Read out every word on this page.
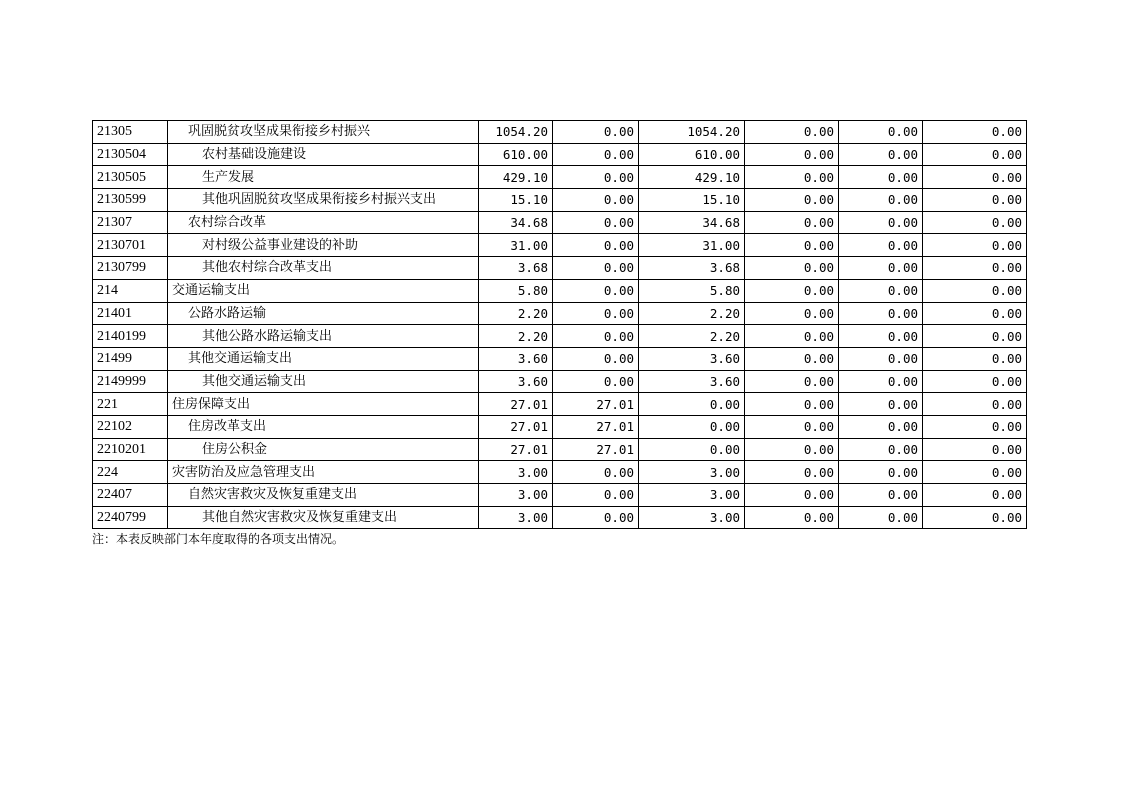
21305	巩固脱贫攻坚成果衔接乡村振兴	1054.20	0.00	1054.20	0.00	0.00	0.00
2130504	农村基础设施建设	610.00	0.00	610.00	0.00	0.00	0.00
2130505	生产发展	429.10	0.00	429.10	0.00	0.00	0.00
2130599	其他巩固脱贫攻坚成果衔接乡村振兴支出	15.10	0.00	15.10	0.00	0.00	0.00
21307	农村综合改革	34.68	0.00	34.68	0.00	0.00	0.00
2130701	对村级公益事业建设的补助	31.00	0.00	31.00	0.00	0.00	0.00
2130799	其他农村综合改革支出	3.68	0.00	3.68	0.00	0.00	0.00
214	交通运输支出	5.80	0.00	5.80	0.00	0.00	0.00
21401	公路水路运输	2.20	0.00	2.20	0.00	0.00	0.00
2140199	其他公路水路运输支出	2.20	0.00	2.20	0.00	0.00	0.00
21499	其他交通运输支出	3.60	0.00	3.60	0.00	0.00	0.00
2149999	其他交通运输支出	3.60	0.00	3.60	0.00	0.00	0.00
221	住房保障支出	27.01	27.01	0.00	0.00	0.00	0.00
22102	住房改革支出	27.01	27.01	0.00	0.00	0.00	0.00
2210201	住房公积金	27.01	27.01	0.00	0.00	0.00	0.00
224	灾害防治及应急管理支出	3.00	0.00	3.00	0.00	0.00	0.00
22407	自然灾害救灾及恢复重建支出	3.00	0.00	3.00	0.00	0.00	0.00
2240799	其他自然灾害救灾及恢复重建支出	3.00	0.00	3.00	0.00	0.00	0.00
注：本表反映部门本年度取得的各项支出情况。
